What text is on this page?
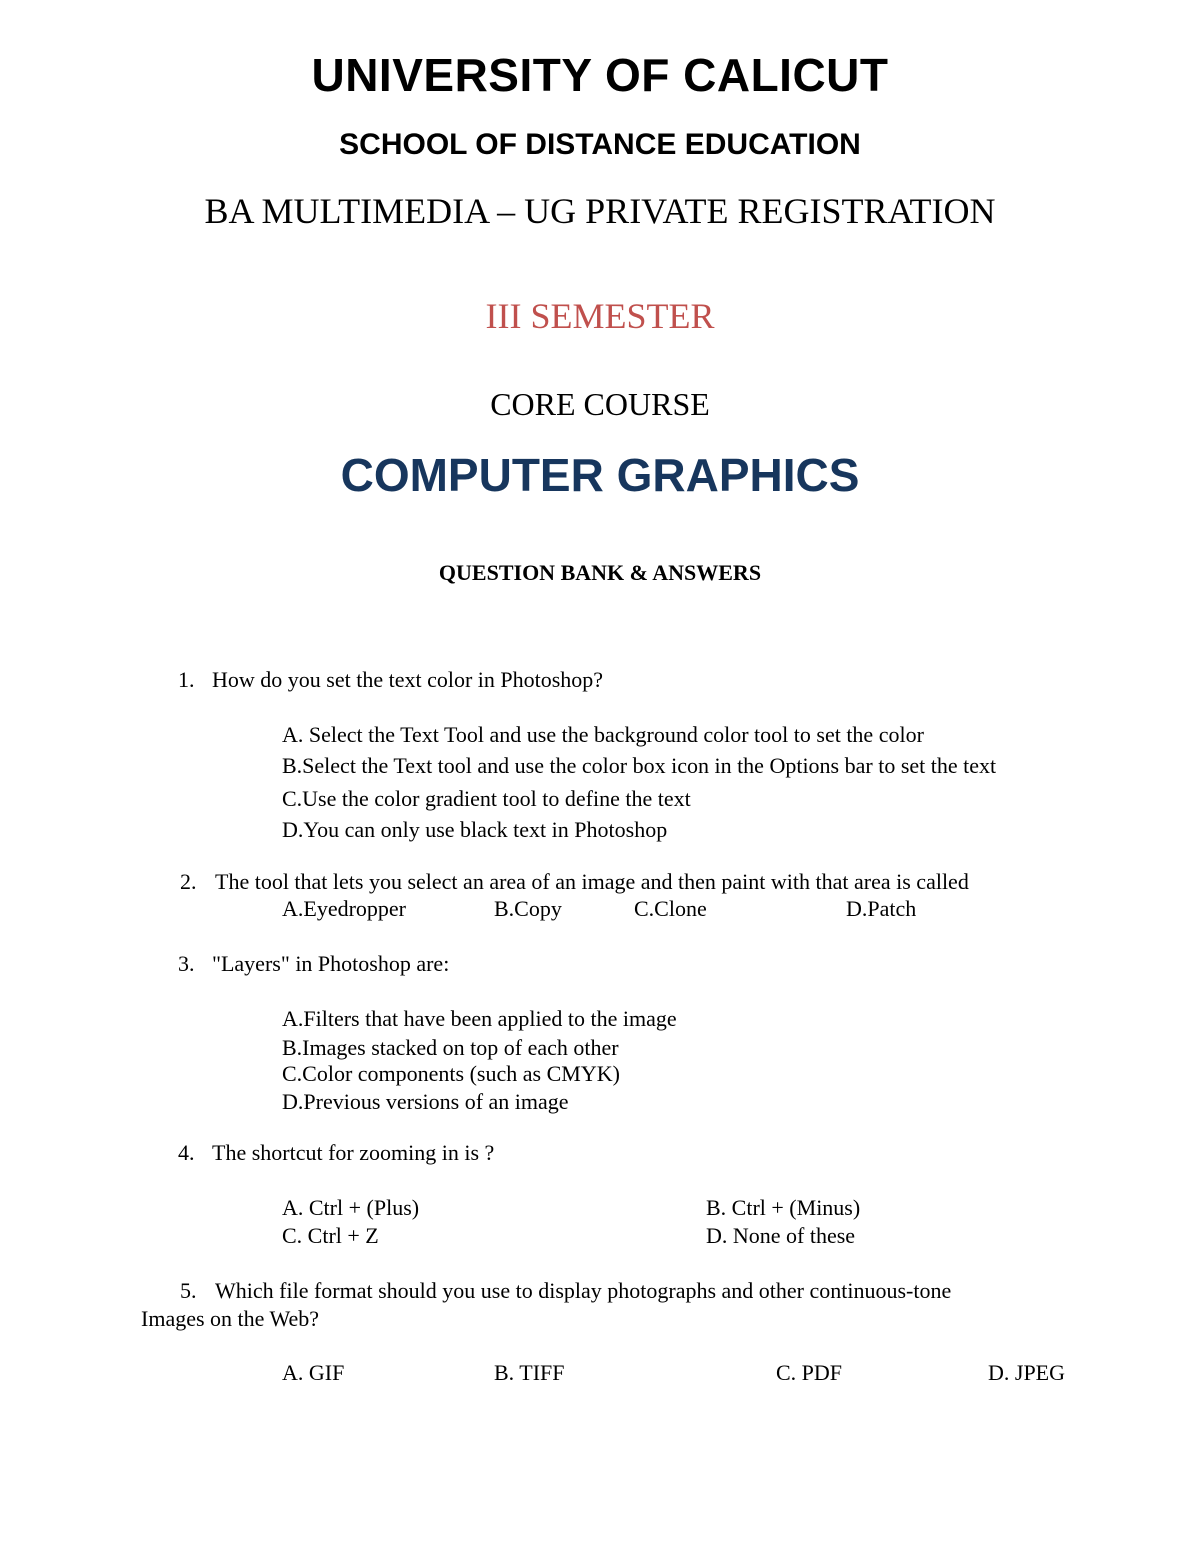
UNIVERSITY OF CALICUT
SCHOOL OF DISTANCE EDUCATION
BA MULTIMEDIA – UG PRIVATE REGISTRATION
III SEMESTER
CORE COURSE
COMPUTER GRAPHICS
QUESTION BANK & ANSWERS
1. How do you set the text color in Photoshop?
A. Select the Text Tool and use the background color tool to set the color
B.Select the Text tool and use the color box icon in the Options bar to set the text
C.Use the color gradient tool to define the text
D.You can only use black text in Photoshop
2. The tool that lets you select an area of an image and then paint with that area is called
A.Eyedropper	B.Copy	C.Clone	D.Patch
3. "Layers" in Photoshop are:
A.Filters that have been applied to the image
B.Images stacked on top of each other
C.Color components (such as CMYK)
D.Previous versions of an image
4. The shortcut for zooming in is ?
A. Ctrl + (Plus)	B. Ctrl + (Minus)
C. Ctrl + Z	D. None of these
5. Which file format should you use to display photographs and other continuous-tone
Images on the Web?
A. GIF	B. TIFF	C. PDF	D. JPEG
